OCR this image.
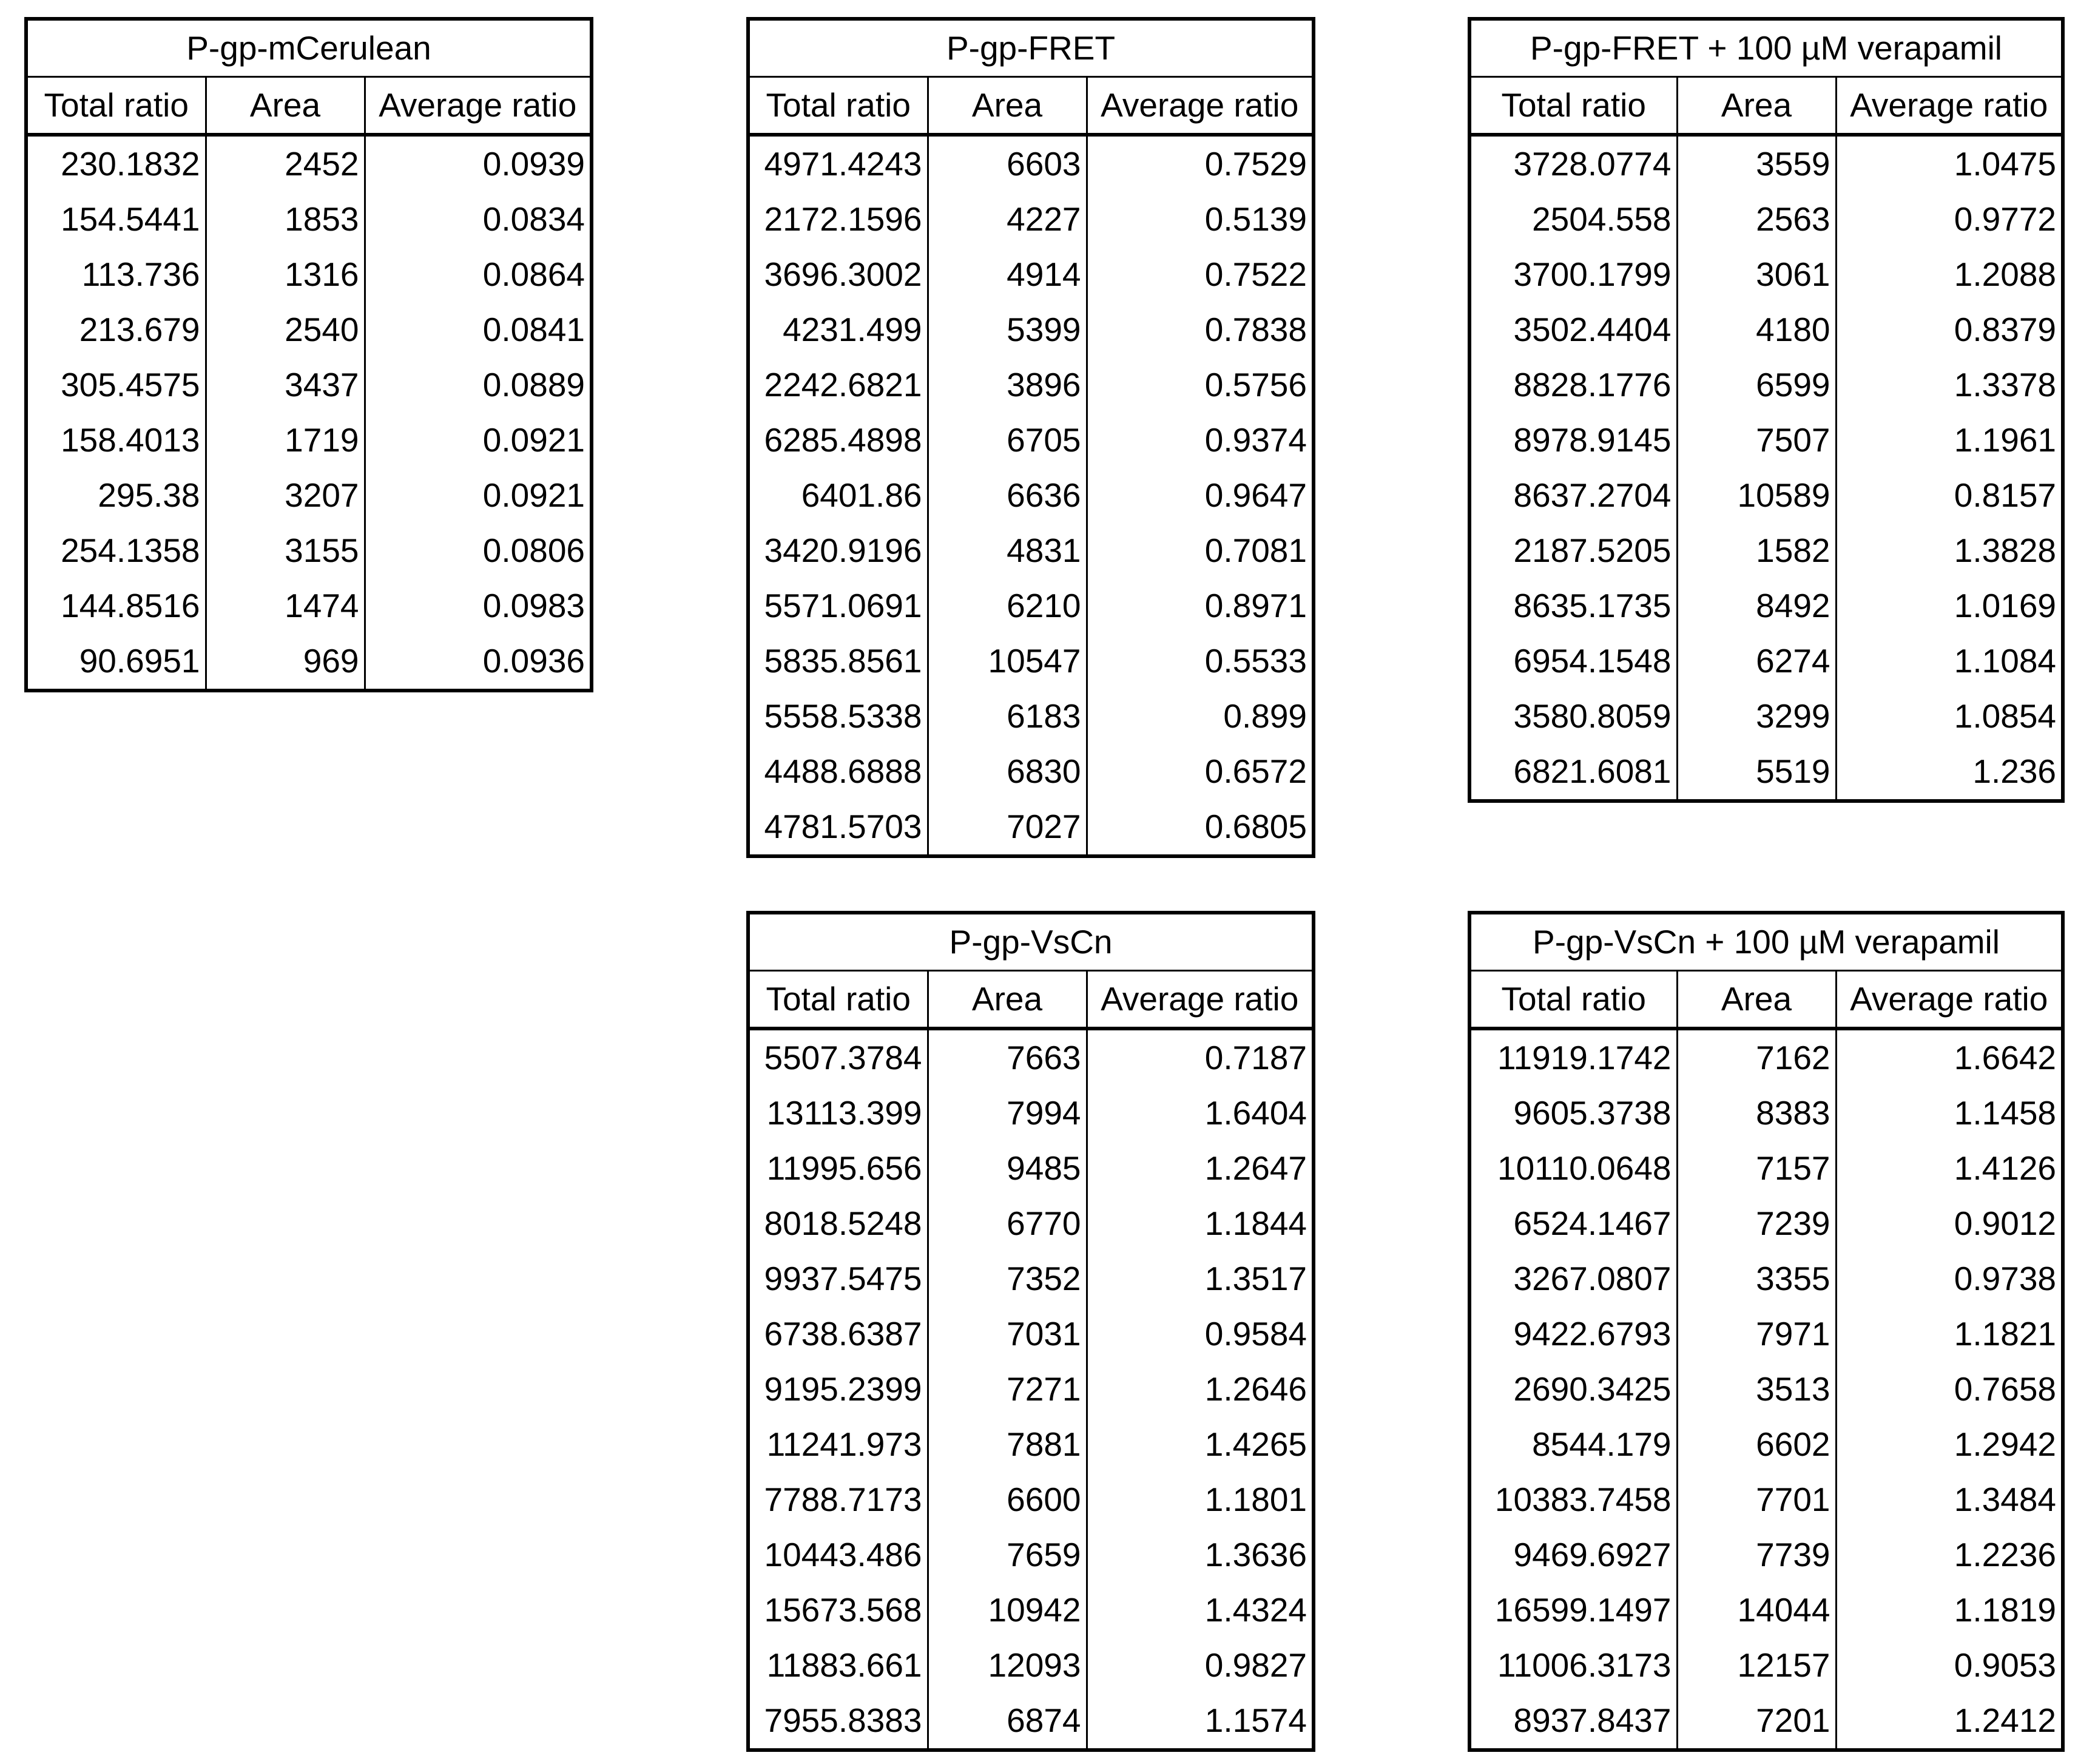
P-gp-mCerulean		
Total ratio	Area	Average ratio
230.1832	2452	0.0939
154.5441	1853	0.0834
113.736	1316	0.0864
213.679	2540	0.0841
305.4575	3437	0.0889
158.4013	1719	0.0921
295.38	3207	0.0921
254.1358	3155	0.0806
144.8516	1474	0.0983
90.6951	969	0.0936
P-gp-FRET		
Total ratio	Area	Average ratio
4971.4243	6603	0.7529
2172.1596	4227	0.5139
3696.3002	4914	0.7522
4231.499	5399	0.7838
2242.6821	3896	0.5756
6285.4898	6705	0.9374
6401.86	6636	0.9647
3420.9196	4831	0.7081
5571.0691	6210	0.8971
5835.8561	10547	0.5533
5558.5338	6183	0.899
4488.6888	6830	0.6572
4781.5703	7027	0.6805
P-gp-FRET + 100 µM verapamil		
Total ratio	Area	Average ratio
3728.0774	3559	1.0475
2504.558	2563	0.9772
3700.1799	3061	1.2088
3502.4404	4180	0.8379
8828.1776	6599	1.3378
8978.9145	7507	1.1961
8637.2704	10589	0.8157
2187.5205	1582	1.3828
8635.1735	8492	1.0169
6954.1548	6274	1.1084
3580.8059	3299	1.0854
6821.6081	5519	1.236
P-gp-VsCn		
Total ratio	Area	Average ratio
5507.3784	7663	0.7187
13113.399	7994	1.6404
11995.656	9485	1.2647
8018.5248	6770	1.1844
9937.5475	7352	1.3517
6738.6387	7031	0.9584
9195.2399	7271	1.2646
11241.973	7881	1.4265
7788.7173	6600	1.1801
10443.486	7659	1.3636
15673.568	10942	1.4324
11883.661	12093	0.9827
7955.8383	6874	1.1574
P-gp-VsCn + 100 µM verapamil		
Total ratio	Area	Average ratio
11919.1742	7162	1.6642
9605.3738	8383	1.1458
10110.0648	7157	1.4126
6524.1467	7239	0.9012
3267.0807	3355	0.9738
9422.6793	7971	1.1821
2690.3425	3513	0.7658
8544.179	6602	1.2942
10383.7458	7701	1.3484
9469.6927	7739	1.2236
16599.1497	14044	1.1819
11006.3173	12157	0.9053
8937.8437	7201	1.2412
